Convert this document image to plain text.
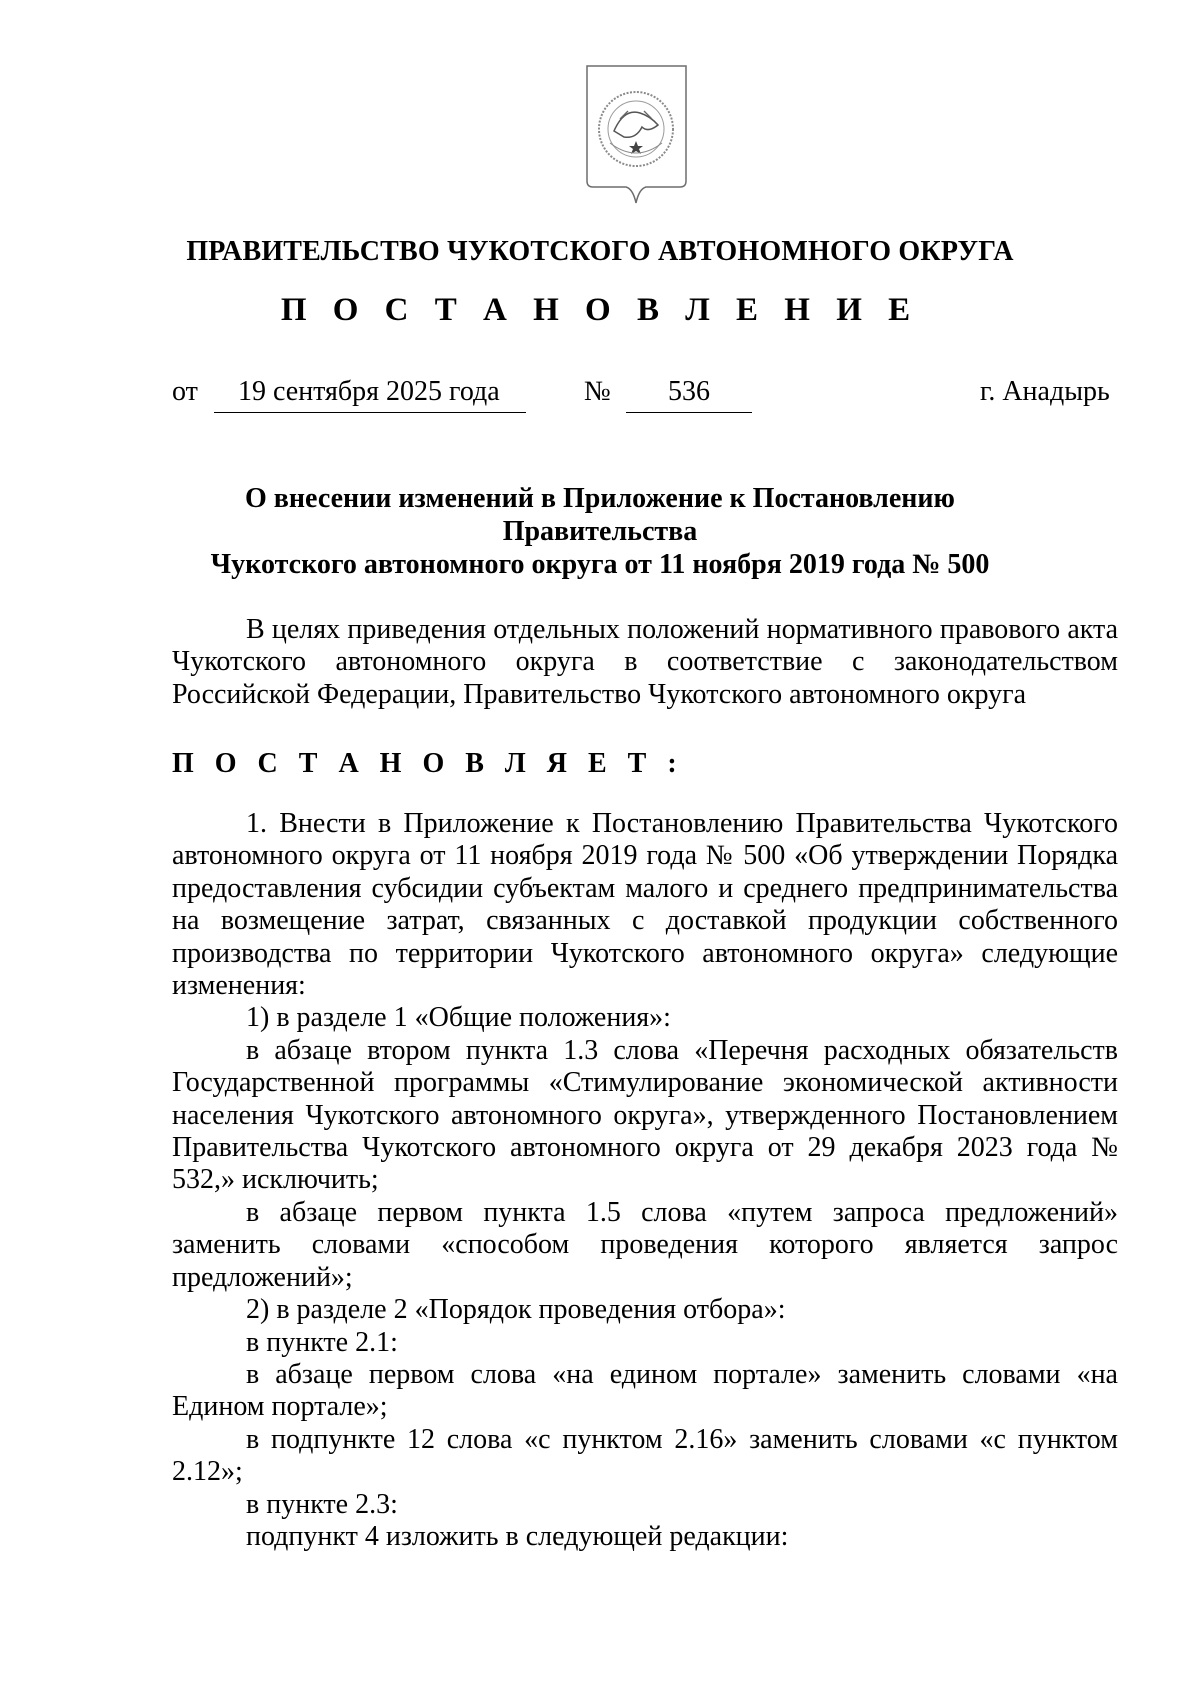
ПРАВИТЕЛЬСТВО ЧУКОТСКОГО АВТОНОМНОГО ОКРУГА
П О С Т А Н О В Л Е Н И Е
от 19 сентября 2025 года	№ 536	г. Анадырь
О внесении изменений в Приложение к Постановлению Правительства
Чукотского автономного округа от 11 ноября 2019 года № 500

В целях приведения отдельных положений нормативного правового акта Чукотского автономного округа в соответствие с законодательством Российской Федерации, Правительство Чукотского автономного округа

П О С Т А Н О В Л Я Е Т :

1. Внести в Приложение к Постановлению Правительства Чукотского автономного округа от 11 ноября 2019 года № 500 «Об утверждении Порядка предоставления субсидии субъектам малого и среднего предпринимательства на возмещение затрат, связанных с доставкой продукции собственного производства по территории Чукотского автономного округа» следующие изменения:

1) в разделе 1 «Общие положения»:

в абзаце втором пункта 1.3 слова «Перечня расходных обязательств Государственной программы «Стимулирование экономической активности населения Чукотского автономного округа», утвержденного Постановлением Правительства Чукотского автономного округа от 29 декабря 2023 года № 532,» исключить;

в абзаце первом пункта 1.5 слова «путем запроса предложений» заменить словами «способом проведения которого является запрос предложений»;

2) в разделе 2 «Порядок проведения отбора»:

в пункте 2.1:

в абзаце первом слова «на едином портале» заменить словами «на Едином портале»;

в подпункте 12 слова «с пунктом 2.16» заменить словами «с пунктом 2.12»;

в пункте 2.3:

подпункт 4 изложить в следующей редакции:
